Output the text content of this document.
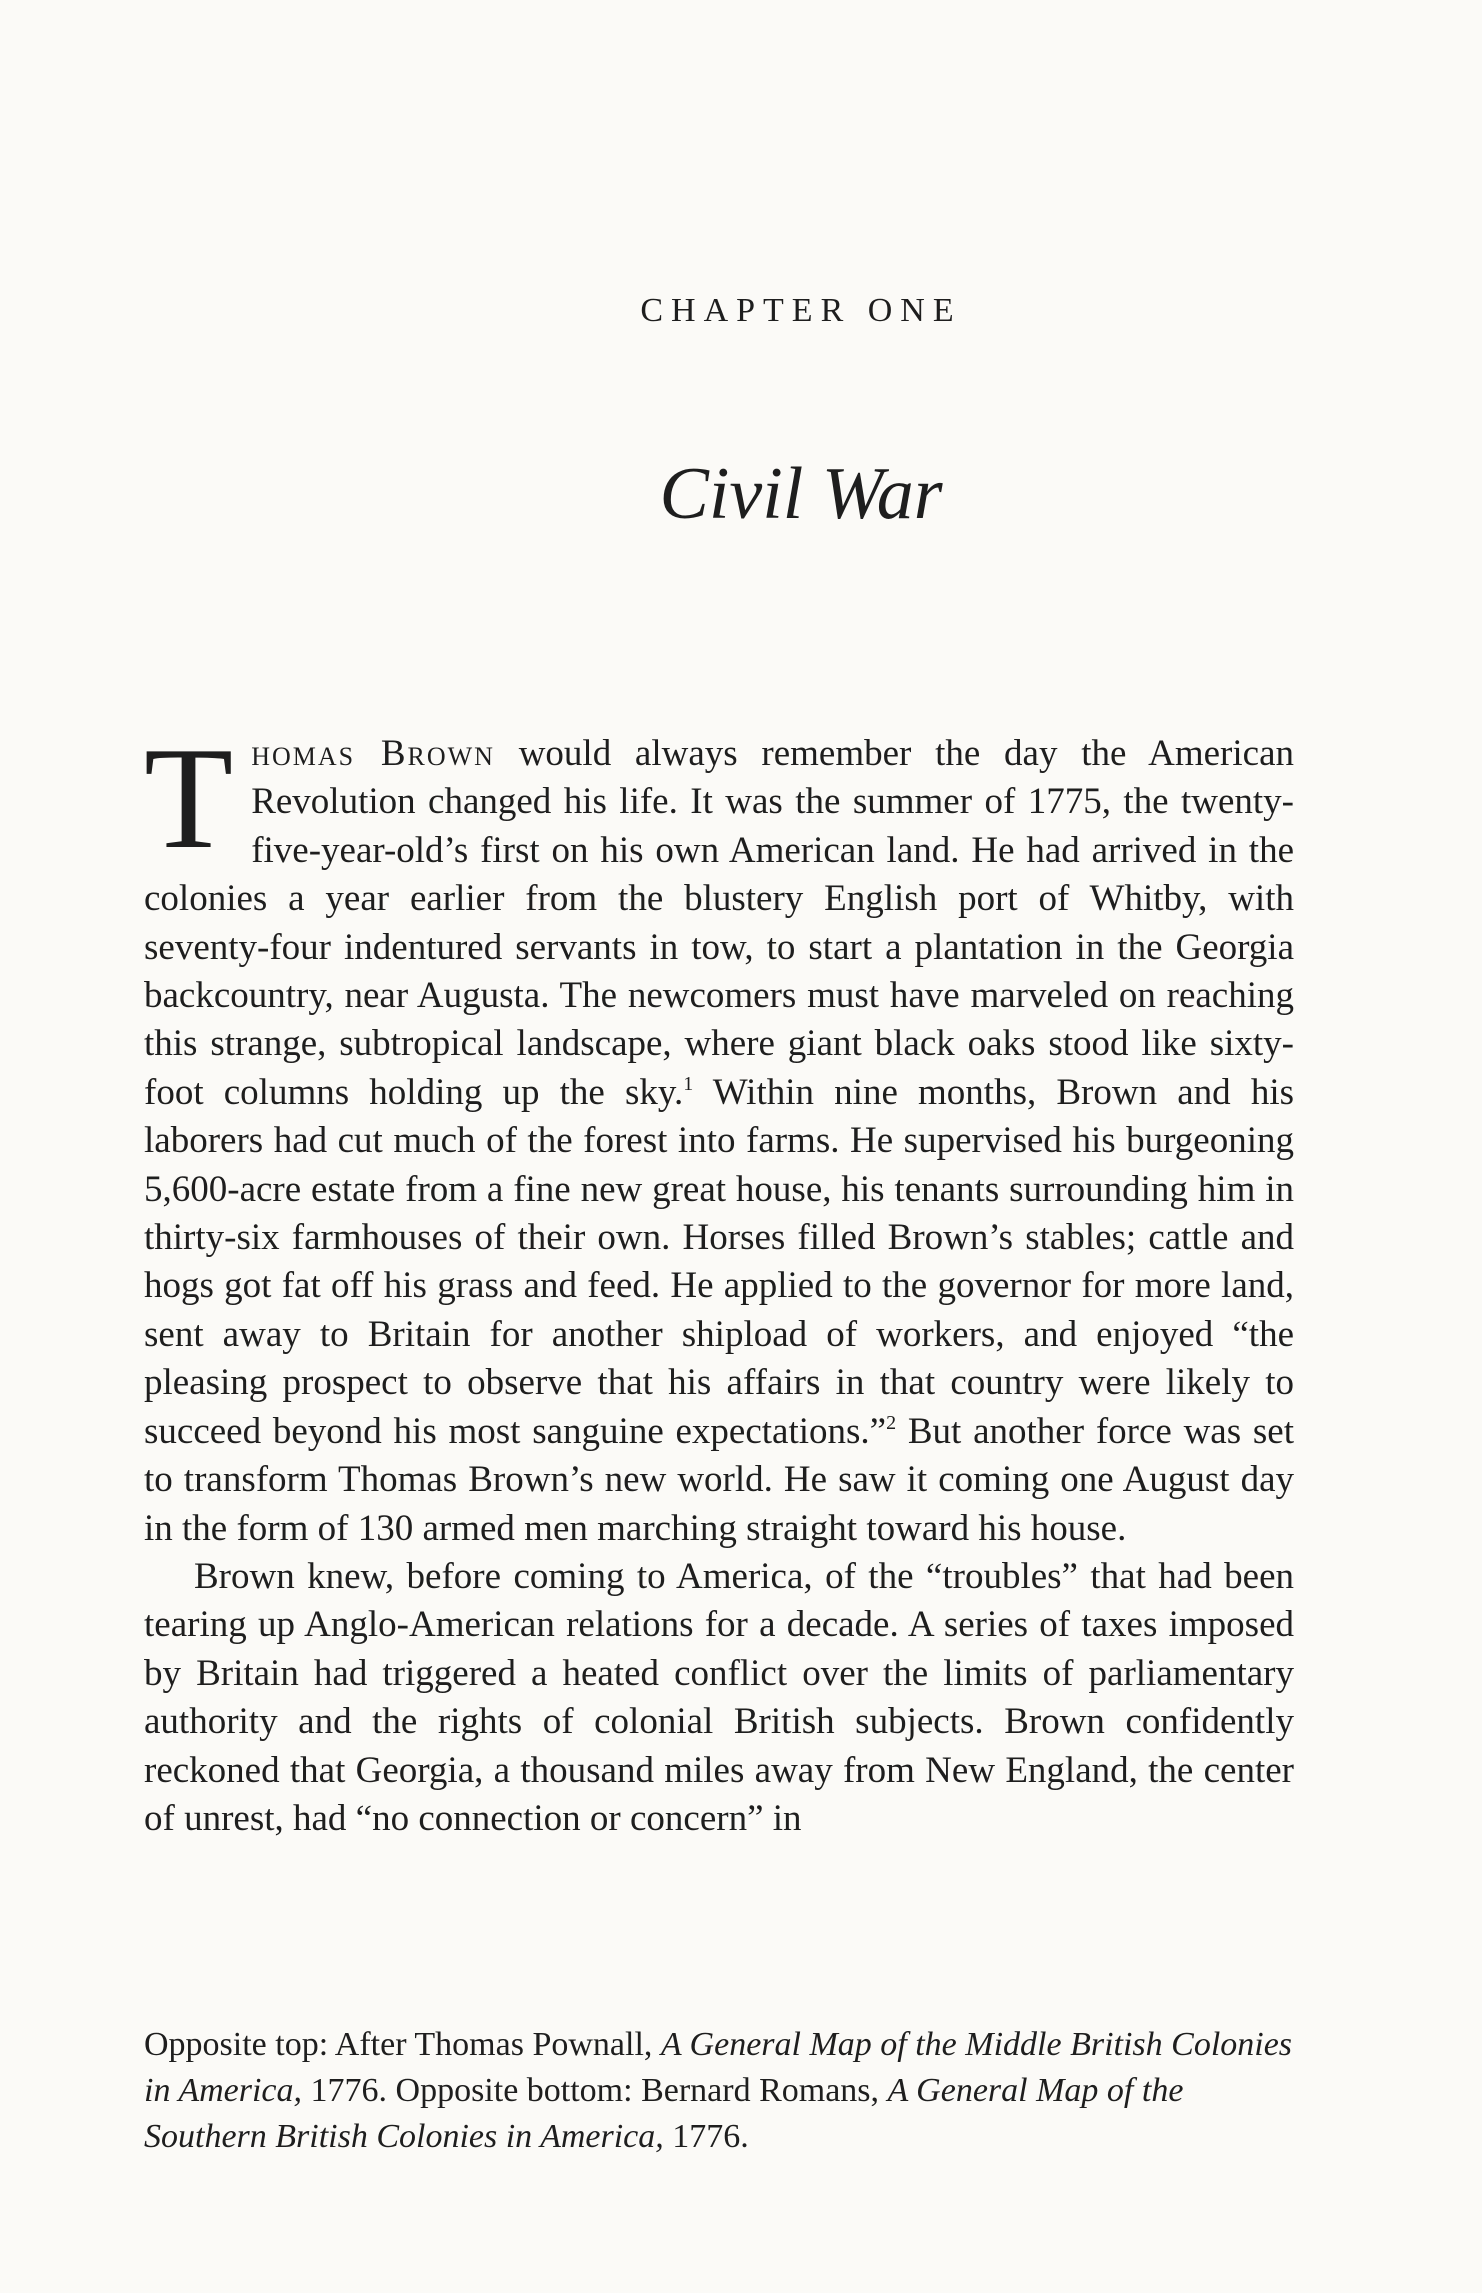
CHAPTER ONE
Civil War

Thomas Brown would always remember the day the American Revolution changed his life. It was the summer of 1775, the twenty-five-year-old’s first on his own American land. He had arrived in the colonies a year earlier from the blustery English port of Whitby, with seventy-four indentured servants in tow, to start a plantation in the Georgia backcountry, near Augusta. The newcomers must have marveled on reaching this strange, subtropical landscape, where giant black oaks stood like sixty-foot columns holding up the sky.$^1$ Within nine months, Brown and his laborers had cut much of the forest into farms. He supervised his burgeoning 5,600-acre estate from a fine new great house, his tenants surrounding him in thirty-six farmhouses of their own. Horses filled Brown’s stables; cattle and hogs got fat off his grass and feed. He applied to the governor for more land, sent away to Britain for another shipload of workers, and enjoyed “the pleasing prospect to observe that his affairs in that country were likely to succeed beyond his most sanguine expectations.”$^2$ But another force was set to transform Thomas Brown’s new world. He saw it coming one August day in the form of 130 armed men marching straight toward his house.

Brown knew, before coming to America, of the “troubles” that had been tearing up Anglo-American relations for a decade. A series of taxes imposed by Britain had triggered a heated conflict over the limits of parliamentary authority and the rights of colonial British subjects. Brown confidently reckoned that Georgia, a thousand miles away from New England, the center of unrest, had “no connection or concern” in

Opposite top: After Thomas Pownall, A General Map of the Middle British Colonies in America, 1776. Opposite bottom: Bernard Romans, A General Map of the Southern British Colonies in America, 1776.
